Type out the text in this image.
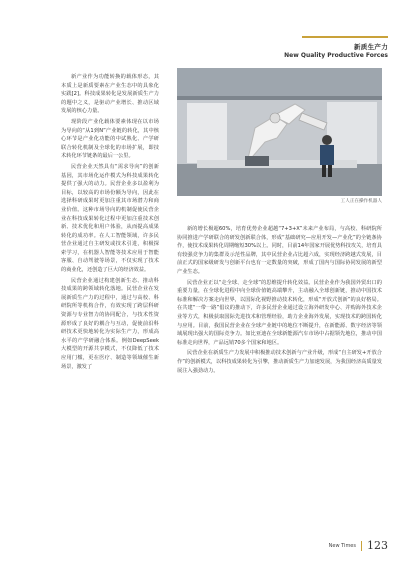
新质生产力
New Quality Productive Forces

新产业作为功能转换的载体形态，其本质上是新质要素在产业生态中的具象化实践[2]。科技成果转化是发展新质生产力的题中之义，是驱动产业增长、推动区域发展的核心力量。

现阶段产业化载体要素体现在以市场为导向的“从1到N”产业链的转化，其中核心环节是产业化功能的中试熟化、产学研联合转化机制及全球化的市场扩展，即技术转化环节链条的最后一公里。

民营企业天然具有“需求导向”的创新基因，其市场化运作模式为科技成果转化提供了强大的动力。民营企业多以盈利为目标，以较高的市场份额为导向，因此在选择科研成果时更加注重其市场潜力和商业价值。这种市场导向的机制促使民营企业在科技成果转化过程中更加注重技术创新、技术优化和用户体验，从而提高成果转化的成功率。在人工智能领域，许多民营企业通过自主研发或技术引进，积极探索学习，在机器人智能等技术应用于智能客服、自动驾驶等场景，不仅实现了技术的商业化，还创造了巨大的经济效益。

民营企业通过构建创新生态、推动科技成果的跨领域转化落地。民营企业在发展新质生产力的过程中，通过与高校、科研院所等机构合作，有效实现了跨层科研资源与专业智力的协同配合，与技术性资源形成了良好的耦合与互动，促使前沿科研技术更快地转化为实际生产力，形成高水平的产学研融合体系。例如DeepSeek大模型的开源共享模式，不仅降低了技术应用门槛，更在医疗、制造等领域催生新场景，激发了

工人正在操作机器人

新的增长极超60%，培育优势企业超越“7+3+X”未来产业布局，与高校、科研院所协同推进产学研联合的研发创新联合体，形成“基础研究—应用开发—产业化”的全链条协作，使技术成果转化周期缩短30%以上。同时，目前14年国家开展优势科技攻关，培育具有较强竞争力的集群及示范性品牌，其中民营企业占比超六成，实现经济跨越式发展，目前正式的国家级研发与创新平台也有一定数量的突破，形成了国内与国际协同发展的新型产业生态。

民营企业正以“走全球、走全球”的思维提升转化效益。民营企业作为我国外贸出口的重要力量，在全球化进程中向全球价值链高端攀升，主动融入全球创新链，推动中国技术标准和解决方案走向世界，以国际化视野推动技术转化，形成“开放式创新”的良好格局。在共建“一带一路”倡议的推动下，许多民营企业通过设立海外研发中心、并购海外技术企业等方式，积极获取国际先进技术和管理经验，助力企业海外发展，实现技术的跨国转化与应用。目前，我国民营企业在全球产业链中的地位不断提升，在新能源、数字经济等领域展现出强大的国际竞争力。如比亚迪在全球新能源汽车市场中占据领先地位，推动中国标准走向世界，产品远销70多个国家和地区。

民营企业在新质生产力发展中积极推动技术创新与产业升级，形成“自主研发+开放合作”的创新模式，以科技成果转化为引擎，推动新质生产力加速发展，为我国经济高质量发展注入强劲动力。

New Times 123
